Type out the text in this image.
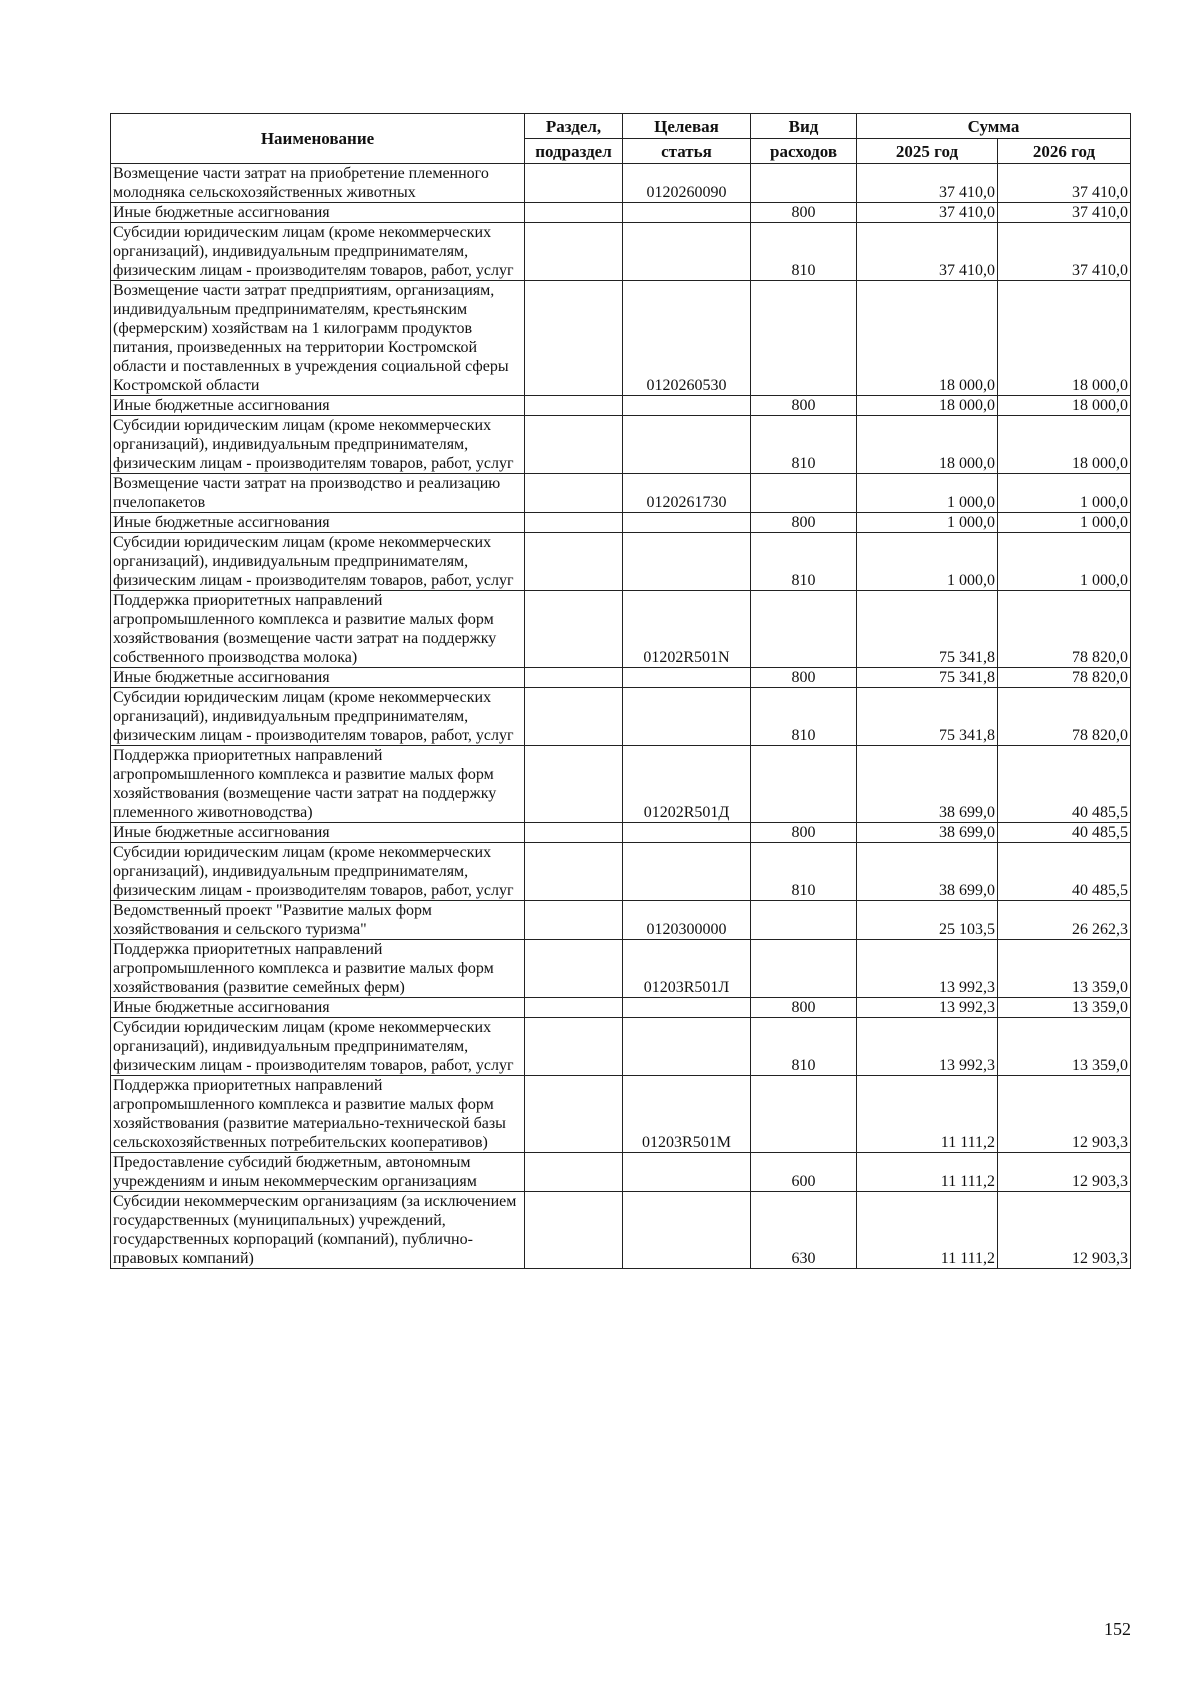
Наименование	Раздел,	Целевая	Вид	Сумма	
	подраздел	статья	расходов	2025 год	2026 год
Возмещение части затрат на приобретение племенного молодняка сельскохозяйственных животных		0120260090		37 410,0	37 410,0
Иные бюджетные ассигнования			800	37 410,0	37 410,0
Субсидии юридическим лицам (кроме некоммерческих организаций), индивидуальным предпринимателям, физическим лицам - производителям товаров, работ, услуг			810	37 410,0	37 410,0
Возмещение части затрат предприятиям, организациям, индивидуальным предпринимателям, крестьянским (фермерским) хозяйствам на 1 килограмм продуктов питания, произведенных на территории Костромской области и поставленных в учреждения социальной сферы Костромской области		0120260530		18 000,0	18 000,0
Иные бюджетные ассигнования			800	18 000,0	18 000,0
Субсидии юридическим лицам (кроме некоммерческих организаций), индивидуальным предпринимателям, физическим лицам - производителям товаров, работ, услуг			810	18 000,0	18 000,0
Возмещение части затрат на производство и реализацию пчелопакетов		0120261730		1 000,0	1 000,0
Иные бюджетные ассигнования			800	1 000,0	1 000,0
Субсидии юридическим лицам (кроме некоммерческих организаций), индивидуальным предпринимателям, физическим лицам - производителям товаров, работ, услуг			810	1 000,0	1 000,0
Поддержка приоритетных направлений агропромышленного комплекса и развитие малых форм хозяйствования (возмещение части затрат на поддержку собственного производства молока)		01202R501N		75 341,8	78 820,0
Иные бюджетные ассигнования			800	75 341,8	78 820,0
Субсидии юридическим лицам (кроме некоммерческих организаций), индивидуальным предпринимателям, физическим лицам - производителям товаров, работ, услуг			810	75 341,8	78 820,0
Поддержка приоритетных направлений агропромышленного комплекса и развитие малых форм хозяйствования (возмещение части затрат на поддержку племенного животноводства)		01202R501Д		38 699,0	40 485,5
Иные бюджетные ассигнования			800	38 699,0	40 485,5
Субсидии юридическим лицам (кроме некоммерческих организаций), индивидуальным предпринимателям, физическим лицам - производителям товаров, работ, услуг			810	38 699,0	40 485,5
Ведомственный проект "Развитие малых форм хозяйствования и сельского туризма"		0120300000		25 103,5	26 262,3
Поддержка приоритетных направлений агропромышленного комплекса и развитие малых форм хозяйствования (развитие семейных ферм)		01203R501Л		13 992,3	13 359,0
Иные бюджетные ассигнования			800	13 992,3	13 359,0
Субсидии юридическим лицам (кроме некоммерческих организаций), индивидуальным предпринимателям, физическим лицам - производителям товаров, работ, услуг			810	13 992,3	13 359,0
Поддержка приоритетных направлений агропромышленного комплекса и развитие малых форм хозяйствования (развитие материально-технической базы сельскохозяйственных потребительских кооперативов)		01203R501M		11 111,2	12 903,3
Предоставление субсидий бюджетным, автономным учреждениям и иным некоммерческим организациям			600	11 111,2	12 903,3
Субсидии некоммерческим организациям (за исключением государственных (муниципальных) учреждений, государственных корпораций (компаний), публично-правовых компаний)			630	11 111,2	12 903,3
152
